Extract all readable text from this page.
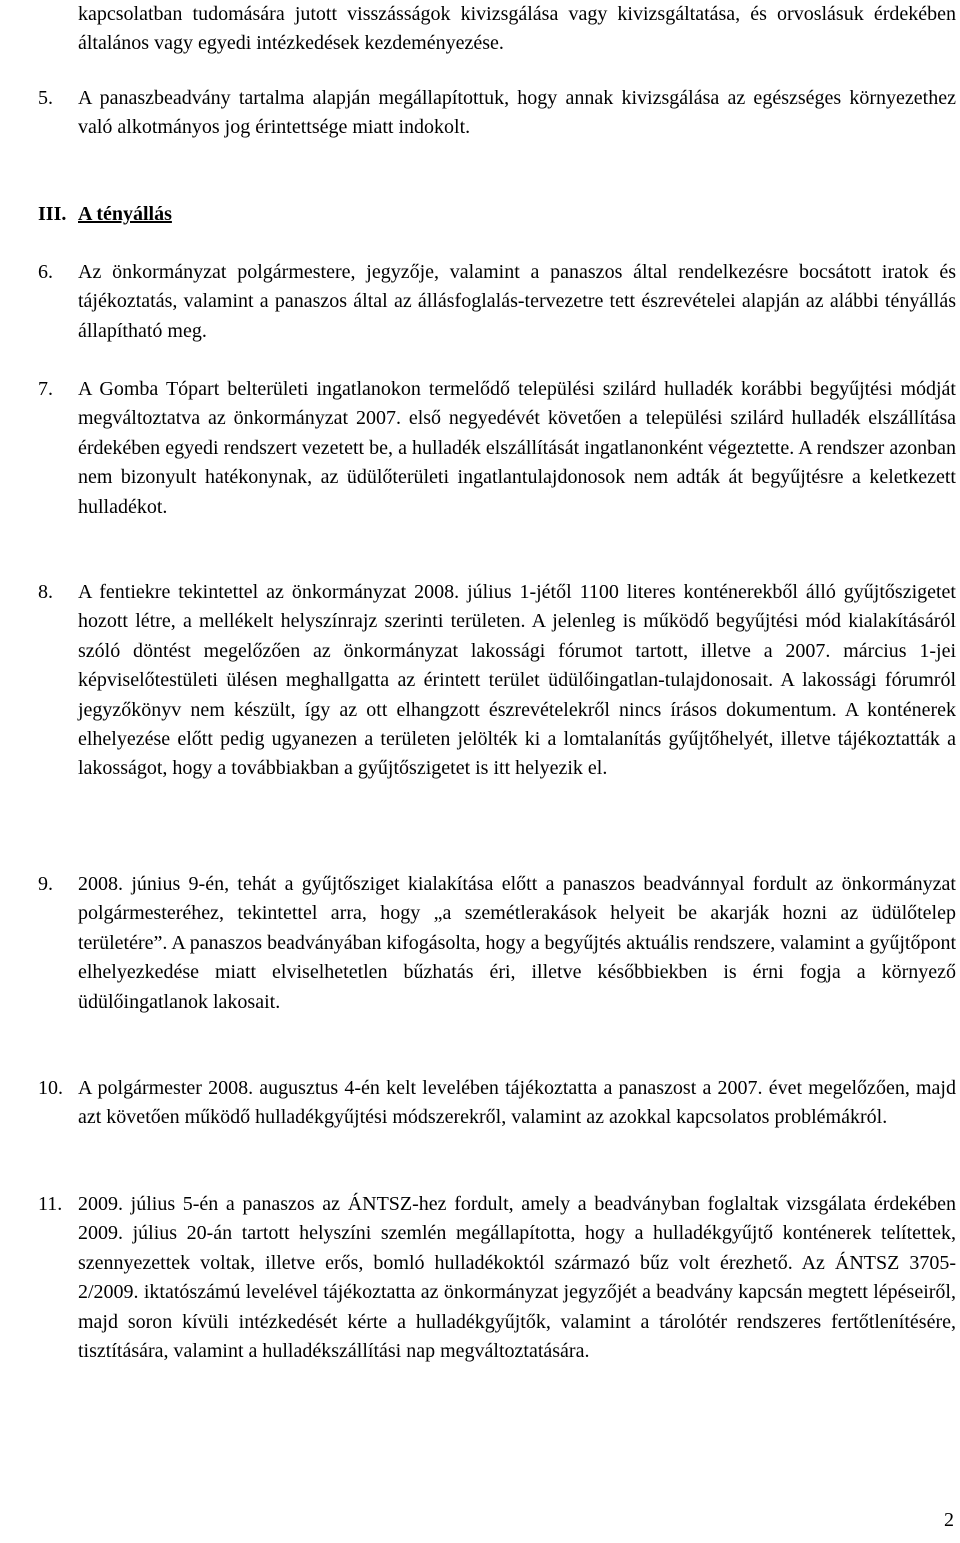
kapcsolatban tudomására jutott visszásságok kivizsgálása vagy kivizsgáltatása, és orvoslásuk érdekében általános vagy egyedi intézkedések kezdeményezése.
5. A panaszbeadvány tartalma alapján megállapítottuk, hogy annak kivizsgálása az egészséges környezethez való alkotmányos jog érintettsége miatt indokolt.
III. A tényállás
6. Az önkormányzat polgármestere, jegyzője, valamint a panaszos által rendelkezésre bocsátott iratok és tájékoztatás, valamint a panaszos által az állásfoglalás-tervezetre tett észrevételei alapján az alábbi tényállás állapítható meg.
7. A Gomba Tópart belterületi ingatlanokon termelődő települési szilárd hulladék korábbi begyűjtési módját megváltoztatva az önkormányzat 2007. első negyedévét követően a települési szilárd hulladék elszállítása érdekében egyedi rendszert vezetett be, a hulladék elszállítását ingatlanonként végeztette. A rendszer azonban nem bizonyult hatékonynak, az üdülőterületi ingatlantulajdonosok nem adták át begyűjtésre a keletkezett hulladékot.
8. A fentiekre tekintettel az önkormányzat 2008. július 1-jétől 1100 literes konténerekből álló gyűjtőszigetet hozott létre, a mellékelt helyszínrajz szerinti területen. A jelenleg is működő begyűjtési mód kialakításáról szóló döntést megelőzően az önkormányzat lakossági fórumot tartott, illetve a 2007. március 1-jei képviselőtestületi ülésen meghallgatta az érintett terület üdülőingatlan-tulajdonosait. A lakossági fórumról jegyzőkönyv nem készült, így az ott elhangzott észrevételekről nincs írásos dokumentum. A konténerek elhelyezése előtt pedig ugyanezen a területen jelölték ki a lomtalanítás gyűjtőhelyét, illetve tájékoztatták a lakosságot, hogy a továbbiakban a gyűjtőszigetet is itt helyezik el.
9. 2008. június 9-én, tehát a gyűjtősziget kialakítása előtt a panaszos beadvánnyal fordult az önkormányzat polgármesteréhez, tekintettel arra, hogy „a szemétlerakások helyeit be akarják hozni az üdülőtelep területére”. A panaszos beadványában kifogásolta, hogy a begyűjtés aktuális rendszere, valamint a gyűjtőpont elhelyezkedése miatt elviselhetetlen bűzhatás éri, illetve későbbiekben is érni fogja a környező üdülőingatlanok lakosait.
10. A polgármester 2008. augusztus 4-én kelt levelében tájékoztatta a panaszost a 2007. évet megelőzően, majd azt követően működő hulladékgyűjtési módszerekről, valamint az azokkal kapcsolatos problémákról.
11. 2009. július 5-én a panaszos az ÁNTSZ-hez fordult, amely a beadványban foglaltak vizsgálata érdekében 2009. július 20-án tartott helyszíni szemlén megállapította, hogy a hulladékgyűjtő konténerek telítettek, szennyezettek voltak, illetve erős, bomló hulladékoktól származó bűz volt érezhető. Az ÁNTSZ 3705-2/2009. iktatószámú levelével tájékoztatta az önkormányzat jegyzőjét a beadvány kapcsán megtett lépéseiről, majd soron kívüli intézkedését kérte a hulladékgyűjtők, valamint a tárolótér rendszeres fertőtlenítésére, tisztítására, valamint a hulladékszállítási nap megváltoztatására.
2
